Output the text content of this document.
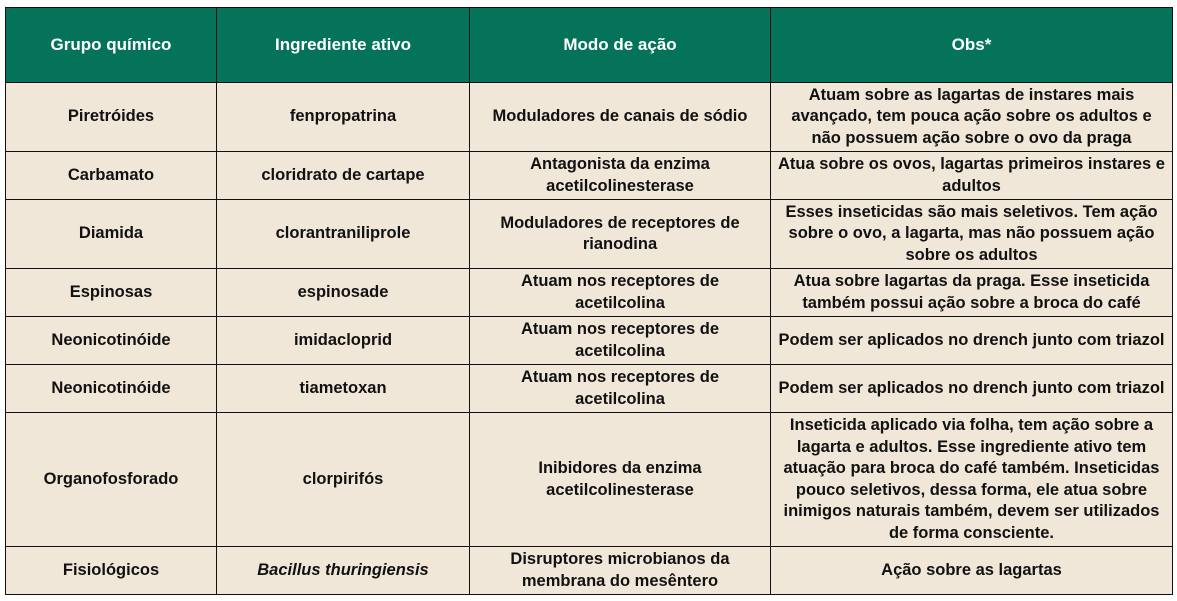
Grupo químico	Ingrediente ativo	Modo de ação	Obs*
Piretróides	fenpropatrina	Moduladores de canais de sódio	Atuam sobre as lagartas de instares mais avançado, tem pouca ação sobre os adultos e não possuem ação sobre o ovo da praga
Carbamato	cloridrato de cartape	Antagonista da enzima acetilcolinesterase	Atua sobre os ovos, lagartas primeiros instares e adultos
Diamida	clorantraniliprole	Moduladores de receptores de rianodina	Esses inseticidas são mais seletivos. Tem ação sobre o ovo, a lagarta, mas não possuem ação sobre os adultos
Espinosas	espinosade	Atuam nos receptores de acetilcolina	Atua sobre lagartas da praga. Esse inseticida também possui ação sobre a broca do café
Neonicotinóide	imidacloprid	Atuam nos receptores de acetilcolina	Podem ser aplicados no drench junto com triazol
Neonicotinóide	tiametoxan	Atuam nos receptores de acetilcolina	Podem ser aplicados no drench junto com triazol
Organofosforado	clorpirifós	Inibidores da enzima acetilcolinesterase	Inseticida aplicado via folha, tem ação sobre a lagarta e adultos. Esse ingrediente ativo tem atuação para broca do café também. Inseticidas pouco seletivos, dessa forma, ele atua sobre inimigos naturais também, devem ser utilizados de forma consciente.
Fisiológicos	Bacillus thuringiensis	Disruptores microbianos da membrana do mesêntero	Ação sobre as lagartas
